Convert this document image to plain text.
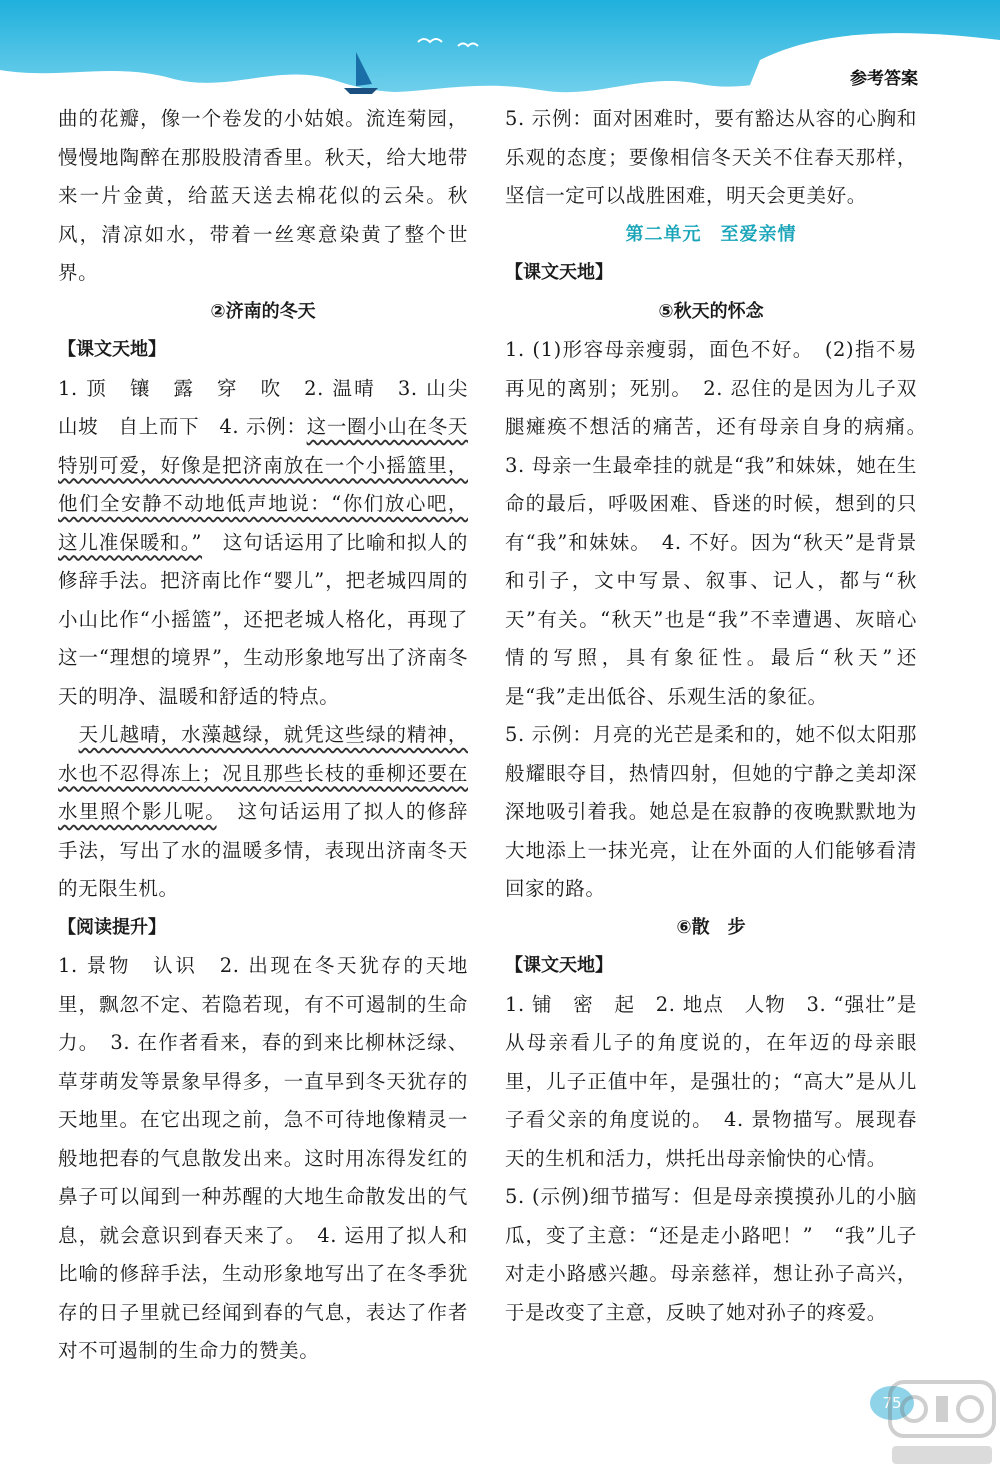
参考答案

曲的花瓣，像一个卷发的小姑娘。流连菊园，慢慢地陶醉在那股股清香里。秋天，给大地带来一片金黄，给蓝天送去棉花似的云朵。秋风，清凉如水，带着一丝寒意染黄了整个世界。

②济南的冬天

【课文天地】

1. 顶　镶　露　穿　吹　2. 温晴　3. 山尖　山坡　自上而下　4. 示例：这一圈小山在冬天特别可爱，好像是把济南放在一个小摇篮里，他们全安静不动地低声地说：“你们放心吧，这儿准保暖和。”　这句话运用了比喻和拟人的修辞手法。把济南比作“婴儿”，把老城四周的小山比作“小摇篮”，还把老城人格化，再现了这一“理想的境界”，生动形象地写出了济南冬天的明净、温暖和舒适的特点。

　天儿越晴，水藻越绿，就凭这些绿的精神，水也不忍得冻上；况且那些长枝的垂柳还要在水里照个影儿呢。　这句话运用了拟人的修辞手法，写出了水的温暖多情，表现出济南冬天的无限生机。

【阅读提升】

1. 景物　认识　2. 出现在冬天犹存的天地里，飘忽不定、若隐若现，有不可遏制的生命力。　3. 在作者看来，春的到来比柳林泛绿、草芽萌发等景象早得多，一直早到冬天犹存的天地里。在它出现之前，急不可待地像精灵一般地把春的气息散发出来。这时用冻得发红的鼻子可以闻到一种苏醒的大地生命散发出的气息，就会意识到春天来了。　4. 运用了拟人和比喻的修辞手法，生动形象地写出了在冬季犹存的日子里就已经闻到春的气息，表达了作者对不可遏制的生命力的赞美。

5. 示例：面对困难时，要有豁达从容的心胸和乐观的态度；要像相信冬天关不住春天那样，坚信一定可以战胜困难，明天会更美好。

第二单元　至爱亲情

【课文天地】

⑤秋天的怀念

1. (1)形容母亲瘦弱，面色不好。　(2)指不易再见的离别；死别。　2. 忍住的是因为儿子双腿瘫痪不想活的痛苦，还有母亲自身的病痛。　3. 母亲一生最牵挂的就是“我”和妹妹，她在生命的最后，呼吸困难、昏迷的时候，想到的只有“我”和妹妹。　4. 不好。因为“秋天”是背景和引子，文中写景、叙事、记人，都与“秋天”有关。“秋天”也是“我”不幸遭遇、灰暗心情的写照，具有象征性。最后“秋天”还是“我”走出低谷、乐观生活的象征。

5. 示例：月亮的光芒是柔和的，她不似太阳那般耀眼夺目，热情四射，但她的宁静之美却深深地吸引着我。她总是在寂静的夜晚默默地为大地添上一抹光亮，让在外面的人们能够看清回家的路。

⑥散　步

【课文天地】

1. 铺　密　起　2. 地点　人物　3. “强壮”是从母亲看儿子的角度说的，在年迈的母亲眼里，儿子正值中年，是强壮的；“高大”是从儿子看父亲的角度说的。　4. 景物描写。展现春天的生机和活力，烘托出母亲愉快的心情。

5. (示例)细节描写：但是母亲摸摸孙儿的小脑瓜，变了主意：“还是走小路吧！”　“我”儿子对走小路感兴趣。母亲慈祥，想让孙子高兴，于是改变了主意，反映了她对孙子的疼爱。

75
